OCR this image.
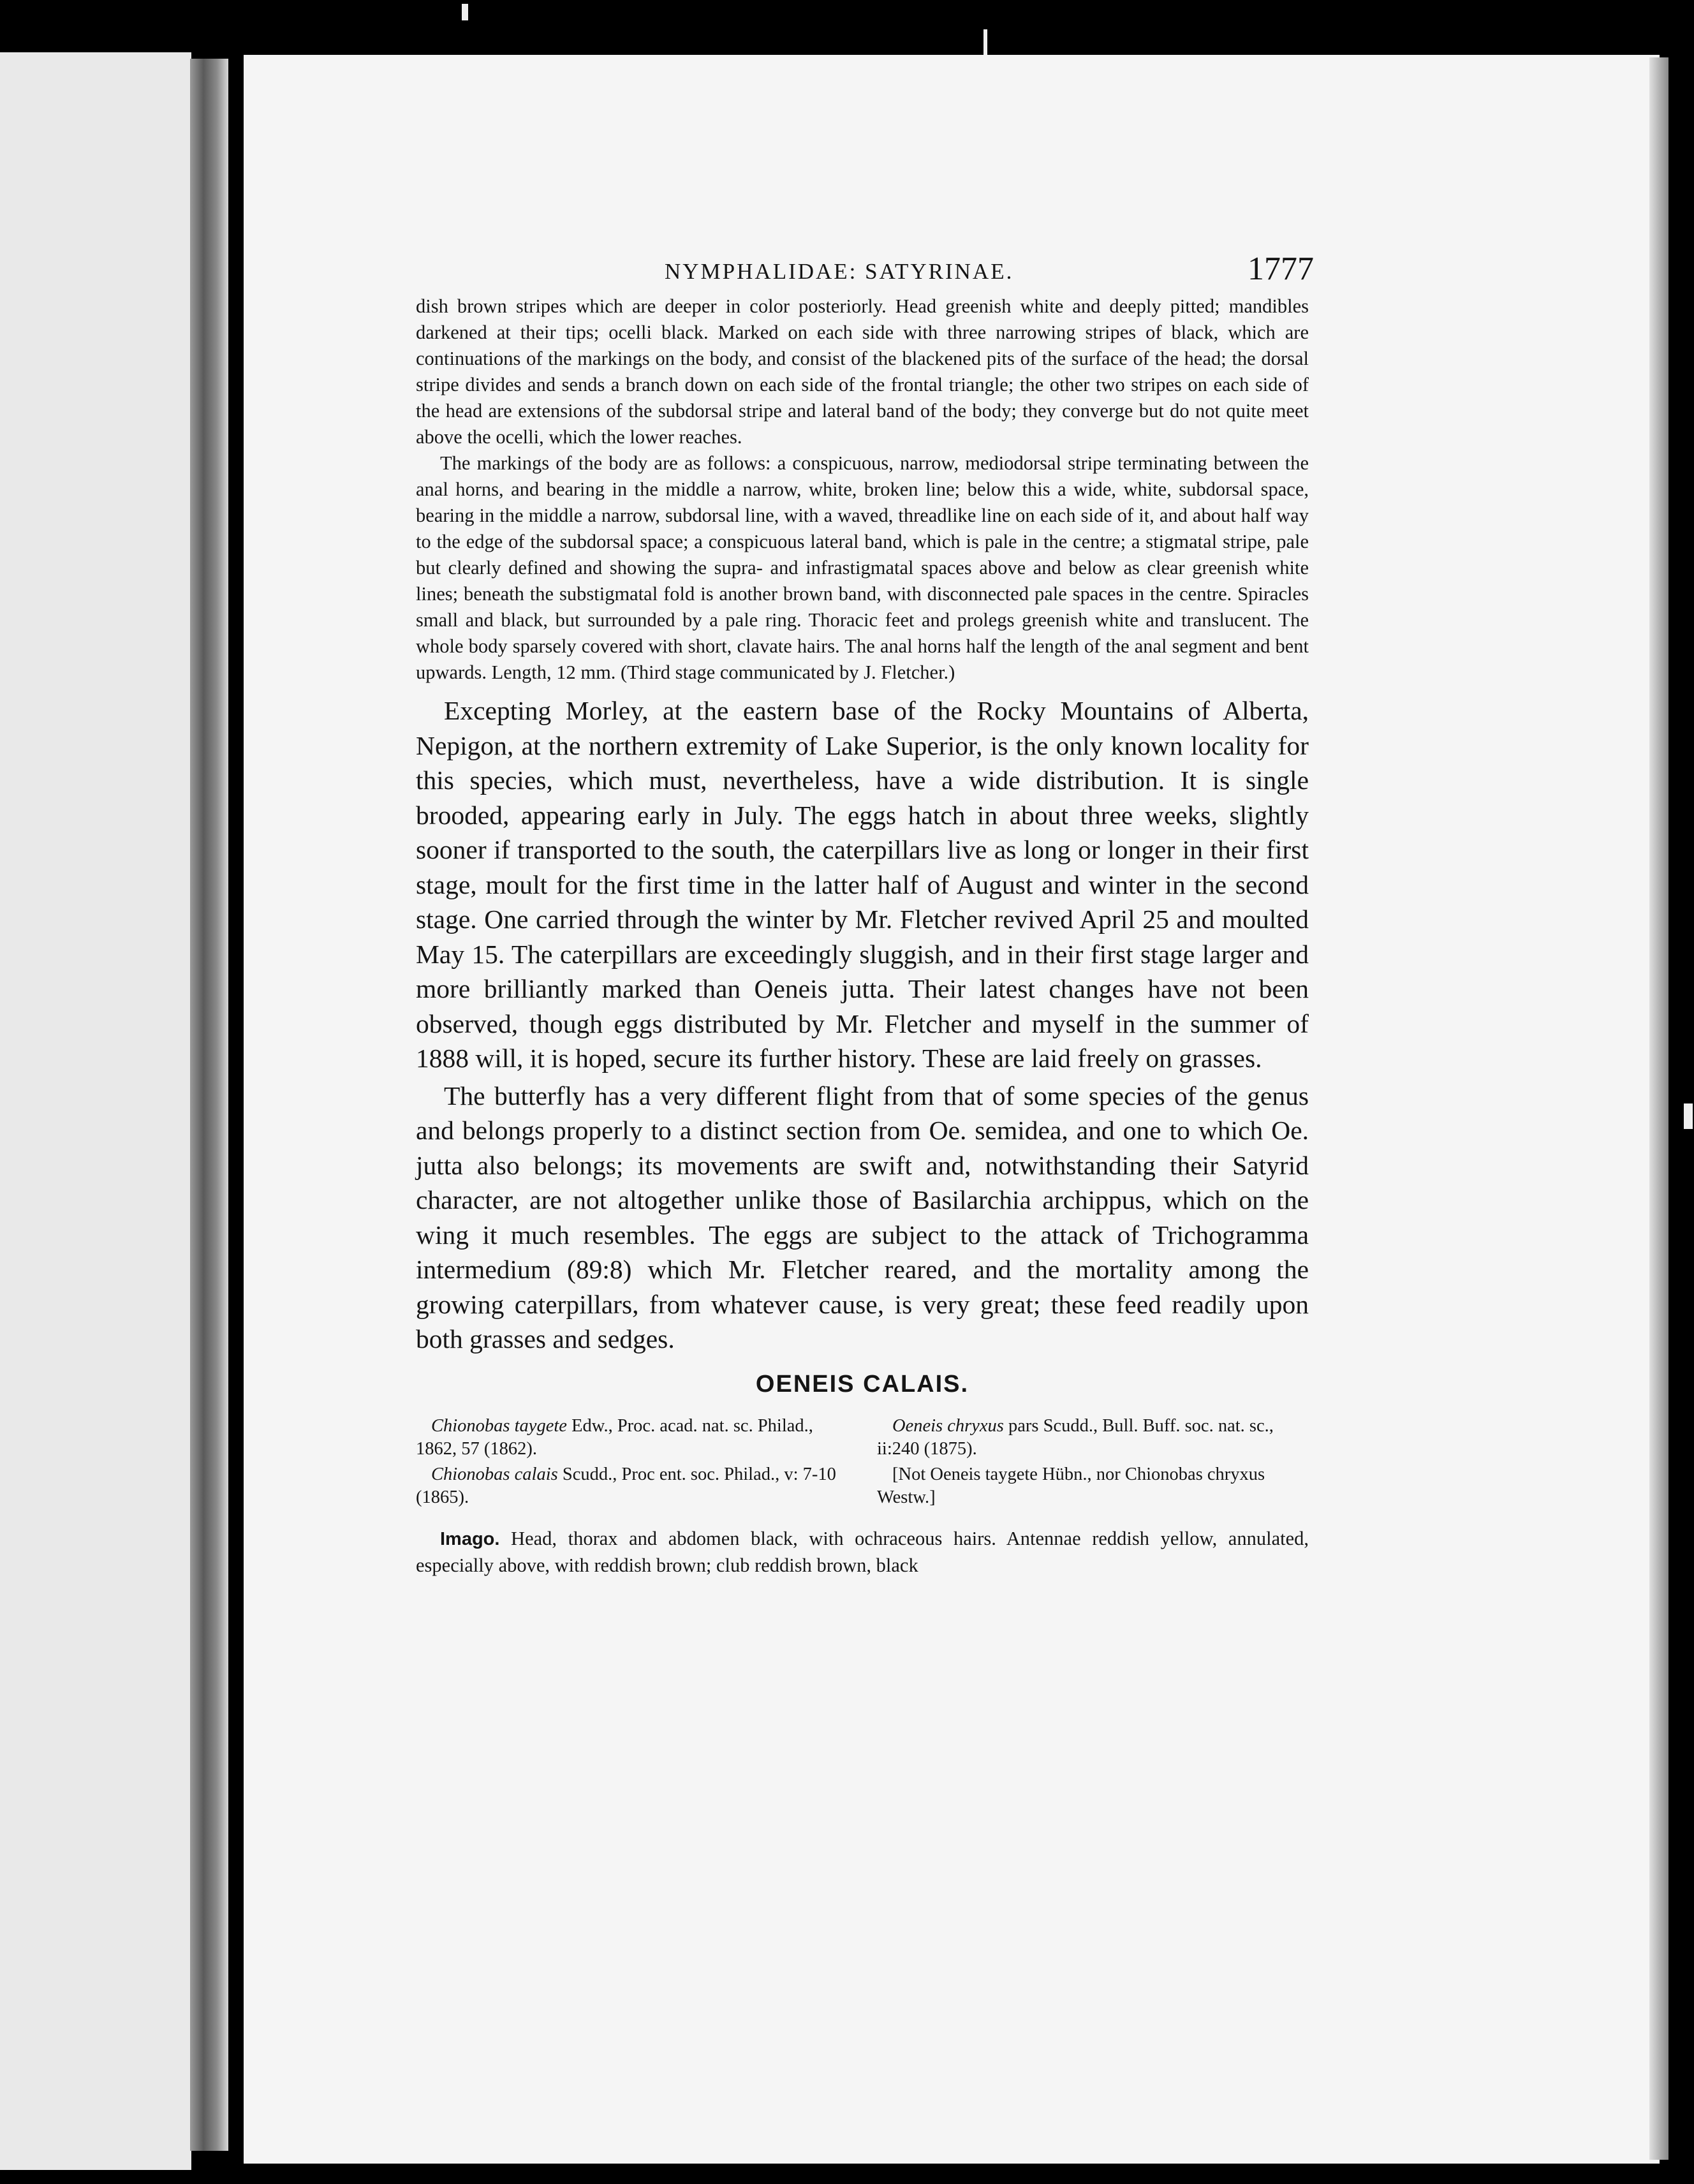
NYMPHALIDAE: SATYRINAE.	1777

dish brown stripes which are deeper in color posteriorly. Head greenish white and deeply pitted; mandibles darkened at their tips; ocelli black. Marked on each side with three narrowing stripes of black, which are continuations of the markings on the body, and consist of the blackened pits of the surface of the head; the dorsal stripe divides and sends a branch down on each side of the frontal triangle; the other two stripes on each side of the head are extensions of the subdorsal stripe and lateral band of the body; they converge but do not quite meet above the ocelli, which the lower reaches.

The markings of the body are as follows: a conspicuous, narrow, mediodorsal stripe terminating between the anal horns, and bearing in the middle a narrow, white, broken line; below this a wide, white, subdorsal space, bearing in the middle a narrow, subdorsal line, with a waved, threadlike line on each side of it, and about half way to the edge of the subdorsal space; a conspicuous lateral band, which is pale in the centre; a stigmatal stripe, pale but clearly defined and showing the supra- and infrastigmatal spaces above and below as clear greenish white lines; beneath the substigmatal fold is another brown band, with disconnected pale spaces in the centre. Spiracles small and black, but surrounded by a pale ring. Thoracic feet and prolegs greenish white and translucent. The whole body sparsely covered with short, clavate hairs. The anal horns half the length of the anal segment and bent upwards. Length, 12 mm. (Third stage communicated by J. Fletcher.)

Excepting Morley, at the eastern base of the Rocky Mountains of Alberta, Nepigon, at the northern extremity of Lake Superior, is the only known locality for this species, which must, nevertheless, have a wide distribution. It is single brooded, appearing early in July. The eggs hatch in about three weeks, slightly sooner if transported to the south, the caterpillars live as long or longer in their first stage, moult for the first time in the latter half of August and winter in the second stage. One carried through the winter by Mr. Fletcher revived April 25 and moulted May 15. The caterpillars are exceedingly sluggish, and in their first stage larger and more brilliantly marked than Oeneis jutta. Their latest changes have not been observed, though eggs distributed by Mr. Fletcher and myself in the summer of 1888 will, it is hoped, secure its further history. These are laid freely on grasses.

The butterfly has a very different flight from that of some species of the genus and belongs properly to a distinct section from Oe. semidea, and one to which Oe. jutta also belongs; its movements are swift and, notwithstanding their Satyrid character, are not altogether unlike those of Basilarchia archippus, which on the wing it much resembles. The eggs are subject to the attack of Trichogramma intermedium (89:8) which Mr. Fletcher reared, and the mortality among the growing caterpillars, from whatever cause, is very great; these feed readily upon both grasses and sedges.

OENEIS CALAIS.

Chionobas taygete Edw., Proc. acad. nat. sc. Philad., 1862, 57 (1862).

Chionobas calais Scudd., Proc ent. soc. Philad., v: 7-10 (1865).

Oeneis chryxus pars Scudd., Bull. Buff. soc. nat. sc., ii:240 (1875).

[Not Oeneis taygete Hübn., nor Chionobas chryxus Westw.]

Imago. Head, thorax and abdomen black, with ochraceous hairs. Antennae reddish yellow, annulated, especially above, with reddish brown; club reddish brown, black
